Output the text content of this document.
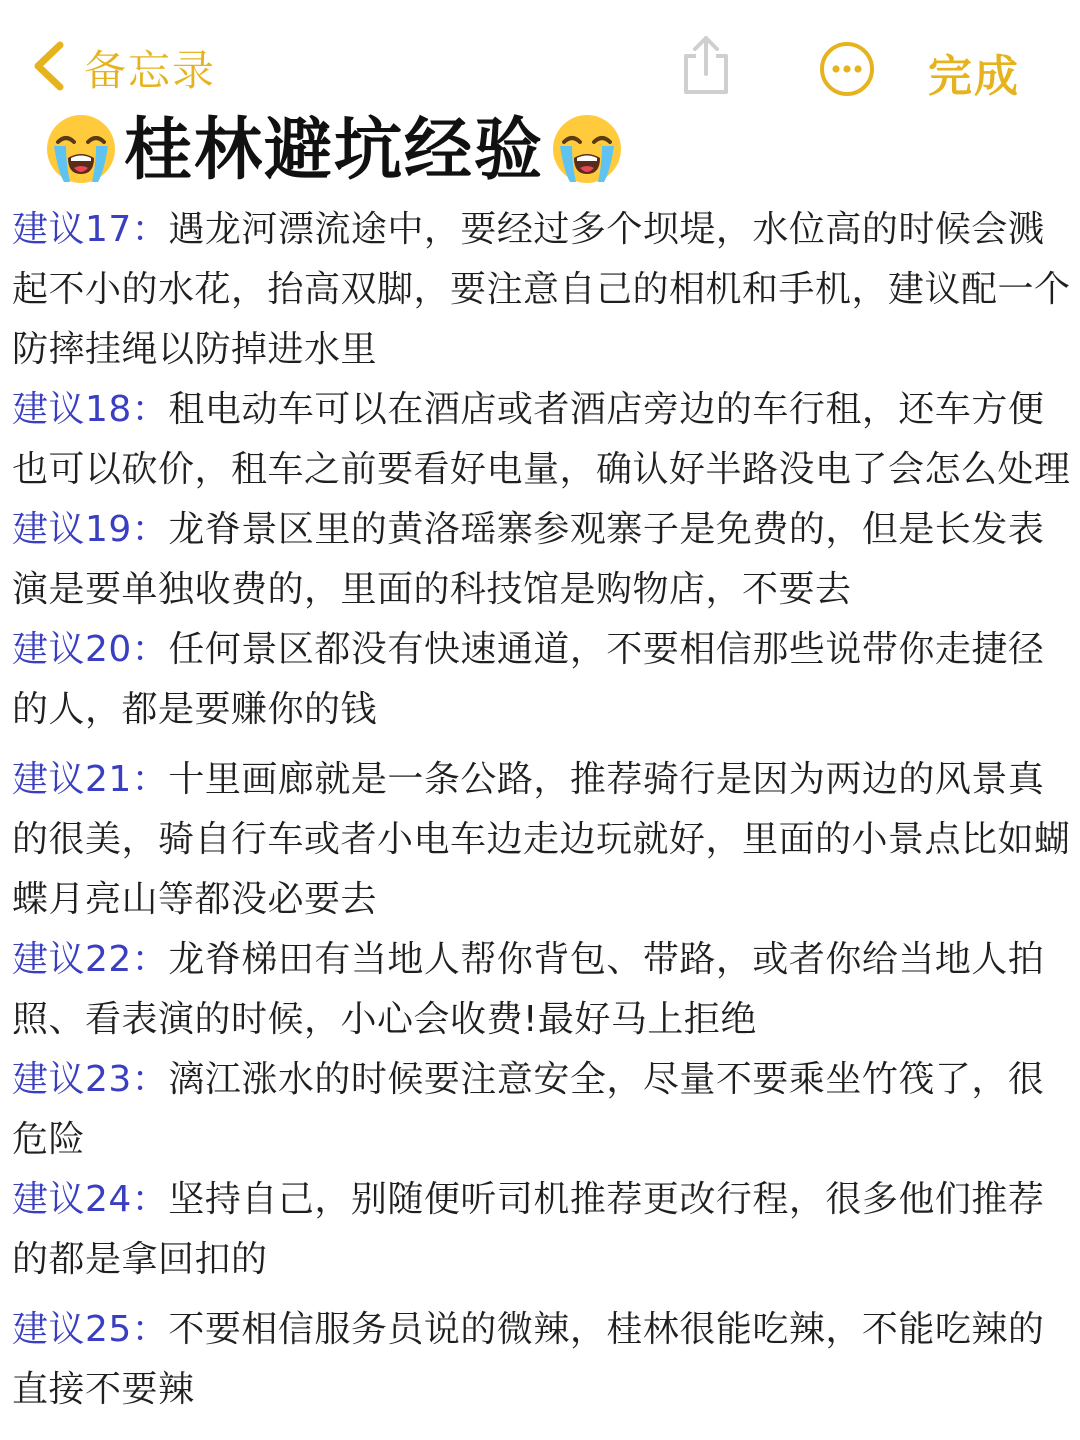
备忘录	完成
桂林避坑经验

建议17：遇龙河漂流途中，要经过多个坝堤，水位高的时候会溅起不小的水花，抬高双脚，要注意自己的相机和手机，建议配一个防摔挂绳以防掉进水里

建议18：租电动车可以在酒店或者酒店旁边的车行租，还车方便也可以砍价，租车之前要看好电量，确认好半路没电了会怎么处理

建议19：龙脊景区里的黄洛瑶寨参观寨子是免费的，但是长发表演是要单独收费的，里面的科技馆是购物店，不要去

建议20：任何景区都没有快速通道，不要相信那些说带你走捷径的人，都是要赚你的钱

建议21：十里画廊就是一条公路，推荐骑行是因为两边的风景真的很美，骑自行车或者小电车边走边玩就好，里面的小景点比如蝴蝶月亮山等都没必要去

建议22：龙脊梯田有当地人帮你背包、带路，或者你给当地人拍照、看表演的时候，小心会收费!最好马上拒绝

建议23：漓江涨水的时候要注意安全，尽量不要乘坐竹筏了，很危险

建议24：坚持自己，别随便听司机推荐更改行程，很多他们推荐的都是拿回扣的

建议25：不要相信服务员说的微辣，桂林很能吃辣，不能吃辣的直接不要辣
